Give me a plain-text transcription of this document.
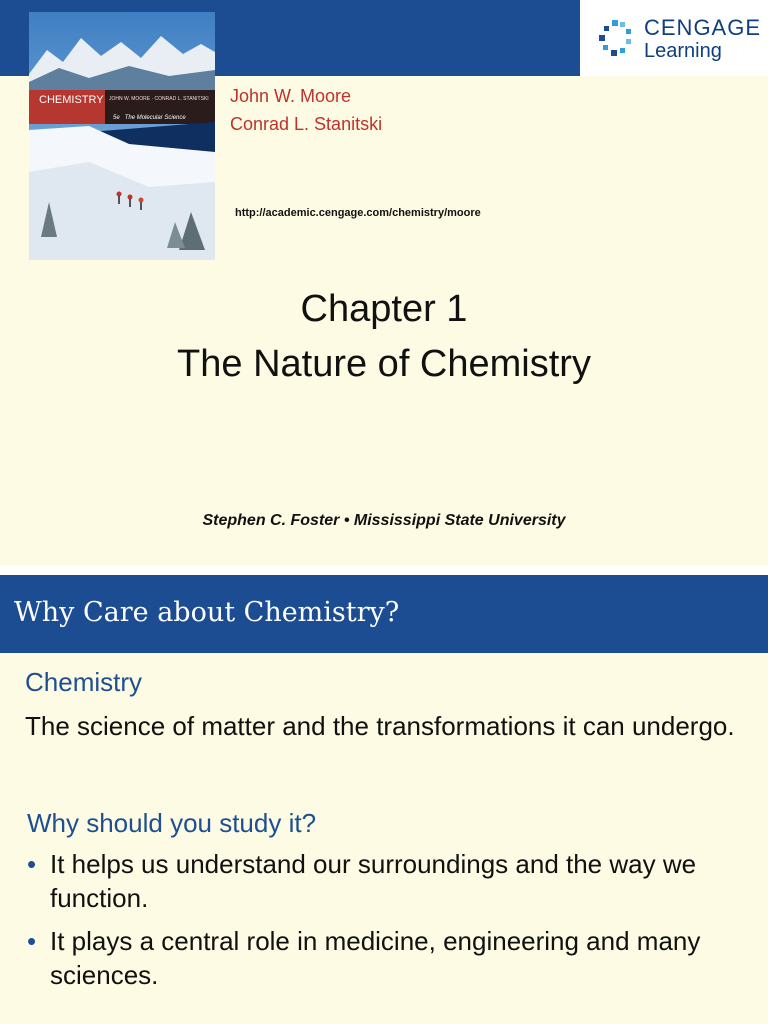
CENGAGE
Learning
CHEMISTRY JOHN W. MOORE · CONRAD L. STANITSKI
5e The Molecular Science
John W. Moore
Conrad L. Stanitski
http://academic.cengage.com/chemistry/moore
Chapter 1
The Nature of Chemistry
Stephen C. Foster • Mississippi State University
Why Care about Chemistry?
Chemistry
The science of matter and the transformations it can undergo.
Why should you study it?
• It helps us understand our surroundings and the way we function.
• It plays a central role in medicine, engineering and many sciences.
